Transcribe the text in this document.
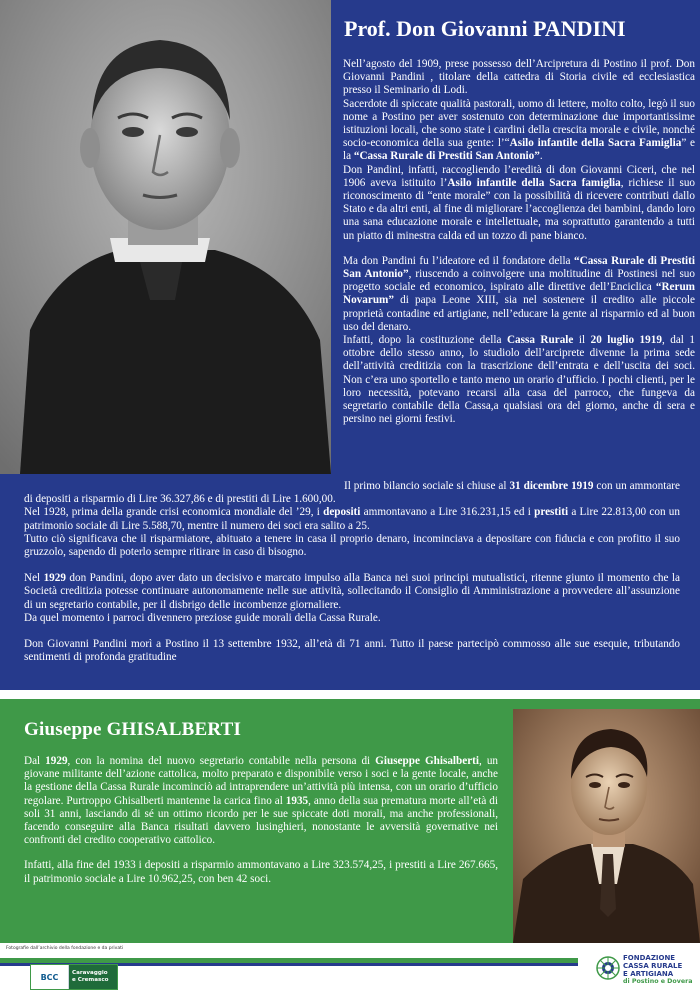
Prof. Don Giovanni PANDINI

Nell’agosto del 1909, prese possesso dell’Arcipretura di Postino il prof. Don Giovanni Pandini , titolare della cattedra di Storia civile ed ecclesiastica presso il Seminario di Lodi.

Sacerdote di spiccate qualità pastorali, uomo di lettere, molto colto, legò il suo nome a Postino per aver sostenuto con determinazione due importantissime istituzioni locali, che sono state i cardini della crescita morale e civile, nonché socio-economica della sua gente: l’“Asilo infantile della Sacra Famiglia” e la “Cassa Rurale di Prestiti San Antonio”.

Don Pandini, infatti, raccogliendo l’eredità di don Giovanni Ciceri, che nel 1906 aveva istituito l’Asilo infantile della Sacra famiglia, richiese il suo riconoscimento di “ente morale” con la possibilità di ricevere contributi dallo Stato e da altri enti, al fine di migliorare l’accoglienza dei bambini, dando loro una sana educazione morale e intellettuale, ma soprattutto garantendo a tutti un piatto di minestra calda ed un tozzo di pane bianco.

Ma don Pandini fu l’ideatore ed il fondatore della “Cassa Rurale di Prestiti San Antonio”, riuscendo a coinvolgere una moltitudine di Postinesi nel suo progetto sociale ed economico, ispirato alle direttive dell’Enciclica “Rerum Novarum” di papa Leone XIII, sia nel sostenere il credito alle piccole proprietà contadine ed artigiane, nell’educare la gente al risparmio ed al buon uso del denaro.

Infatti, dopo la costituzione della Cassa Rurale il 20 luglio 1919, dal 1 ottobre dello stesso anno, lo studiolo dell’arciprete divenne la prima sede dell’attività creditizia con la trascrizione dell’entrata e dell’uscita dei soci. Non c’era uno sportello e tanto meno un orario d’ufficio. I pochi clienti, per le loro necessità, potevano recarsi alla casa del parroco, che fungeva da segretario contabile della Cassa,a qualsiasi ora del giorno, anche di sera e persino nei giorni festivi.

Il primo bilancio sociale si chiuse al 31 dicembre 1919 con un ammontare di depositi a risparmio di Lire 36.327,86 e di prestiti di Lire 1.600,00.

Nel 1928, prima della grande crisi economica mondiale del ’29, i depositi ammontavano a Lire 316.231,15 ed i prestiti a Lire 22.813,00 con un patrimonio sociale di Lire 5.588,70, mentre il numero dei soci era salito a 25.

Tutto ciò significava che il risparmiatore, abituato a tenere in casa il proprio denaro, incominciava a depositare con fiducia e con profitto il suo gruzzolo, sapendo di poterlo sempre ritirare in caso di bisogno.

Nel 1929 don Pandini, dopo aver dato un decisivo e marcato impulso alla Banca nei suoi principi mutualistici, ritenne giunto il momento che la Società creditizia potesse continuare autonomamente nelle sue attività, sollecitando il Consiglio di Amministrazione a provvedere all’assunzione di un segretario contabile, per il disbrigo delle incombenze giornaliere.

Da quel momento i parroci divennero preziose guide morali della Cassa Rurale.

Don Giovanni Pandini morì a Postino il 13 settembre 1932, all’età di 71 anni. Tutto il paese partecipò commosso alle sue esequie, tributando sentimenti di profonda gratitudine

Giuseppe GHISALBERTI

Dal 1929, con la nomina del nuovo segretario contabile nella persona di Giuseppe Ghisalberti, un giovane militante dell’azione cattolica, molto preparato e disponibile verso i soci e la gente locale, anche la gestione della Cassa Rurale incominciò ad intraprendere un’attività più intensa, con un orario d’ufficio regolare. Purtroppo Ghisalberti mantenne la carica fino al 1935, anno della sua prematura morte all’età di soli 31 anni, lasciando di sé un ottimo ricordo per le sue spiccate doti morali, ma anche professionali, facendo conseguire alla Banca risultati davvero lusinghieri, nonostante le avversità governative nei confronti del credito cooperativo cattolico.

Infatti, alla fine del 1933 i depositi a risparmio ammontavano a Lire 323.574,25, i prestiti a Lire 267.665, il patrimonio sociale a Lire 10.962,25, con ben 42 soci.

Fotografie dall’archivio della fondazione e da privati
BCC	Caravaggio
e Cremasco
FONDAZIONE
CASSA RURALE
E ARTIGIANA
di Postino e Dovera
